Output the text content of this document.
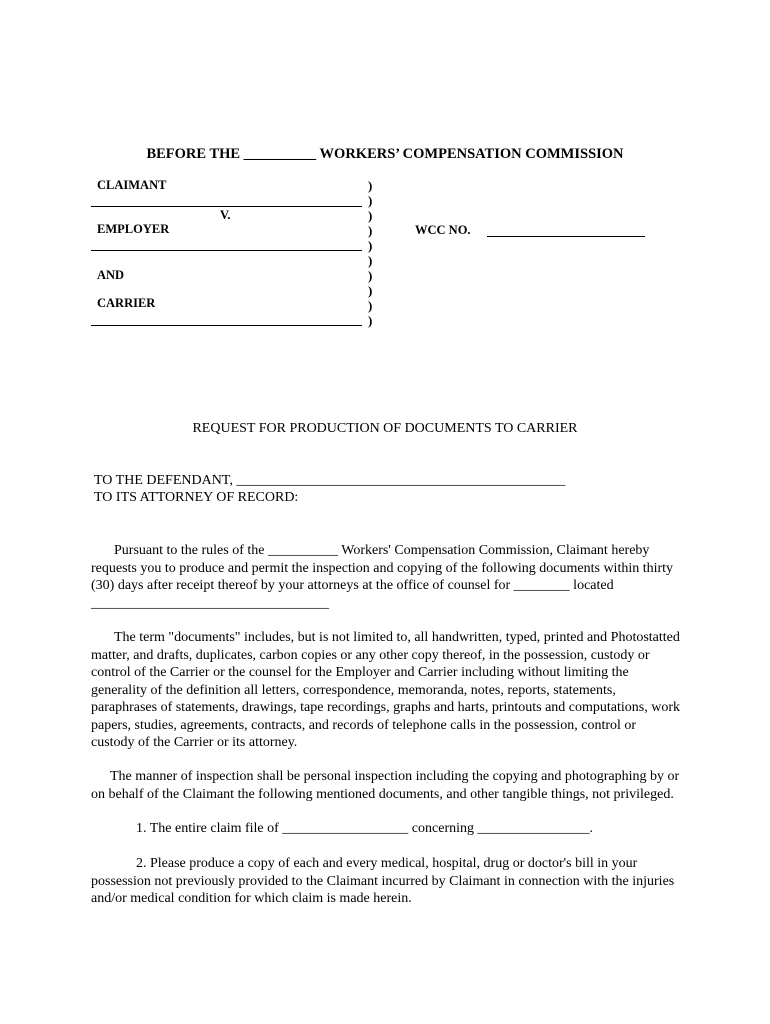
BEFORE THE __________ WORKERS’ COMPENSATION COMMISSION
CLAIMANT
V.
EMPLOYER
AND
CARRIER
)
)
)
)
)
)
)
)
)
)
WCC NO.
REQUEST FOR PRODUCTION OF DOCUMENTS TO CARRIER
TO THE DEFENDANT, _______________________________________________
TO ITS ATTORNEY OF RECORD:

Pursuant to the rules of the __________ Workers' Compensation Commission, Claimant hereby requests you to produce and permit the inspection and copying of the following documents within thirty (30) days after receipt thereof by your attorneys at the office of counsel for ________ located __________________________________

The term "documents" includes, but is not limited to, all handwritten, typed, printed and Photostatted matter, and drafts, duplicates, carbon copies or any other copy thereof, in the possession, custody or control of the Carrier or the counsel for the Employer and Carrier including without limiting the generality of the definition all letters, correspondence, memoranda, notes, reports, statements, paraphrases of statements, drawings, tape recordings, graphs and harts, printouts and computations, work papers, studies, agreements, contracts, and records of telephone calls in the possession, control or custody of the Carrier or its attorney.

The manner of inspection shall be personal inspection including the copying and photographing by or on behalf of the Claimant the following mentioned documents, and other tangible things, not privileged.

1. The entire claim file of __________________ concerning ________________.

2. Please produce a copy of each and every medical, hospital, drug or doctor's bill in your possession not previously provided to the Claimant incurred by Claimant in connection with the injuries and/or medical condition for which claim is made herein.
